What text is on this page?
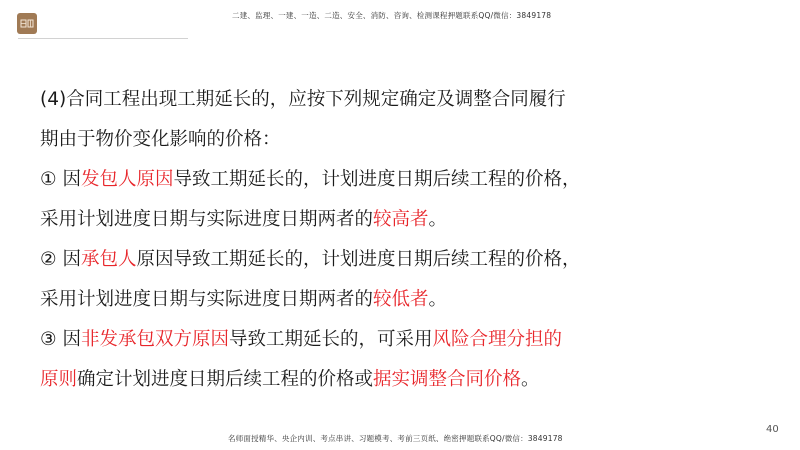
二建、监理、一建、一造、二造、安全、消防、咨询、检测课程押题联系QQ/微信：3849178
(4)合同工程出现工期延长的，应按下列规定确定及调整合同履行
期由于物价变化影响的价格：
① 因发包人原因导致工期延长的，计划进度日期后续工程的价格，
采用计划进度日期与实际进度日期两者的较高者。
② 因承包人原因导致工期延长的，计划进度日期后续工程的价格，
采用计划进度日期与实际进度日期两者的较低者。
③ 因非发承包双方原因导致工期延长的，可采用风险合理分担的
原则确定计划进度日期后续工程的价格或据实调整合同价格。
名师面授精华、央企内训、考点串讲、习题模考、考前三页纸、绝密押题联系QQ/微信：3849178
40
